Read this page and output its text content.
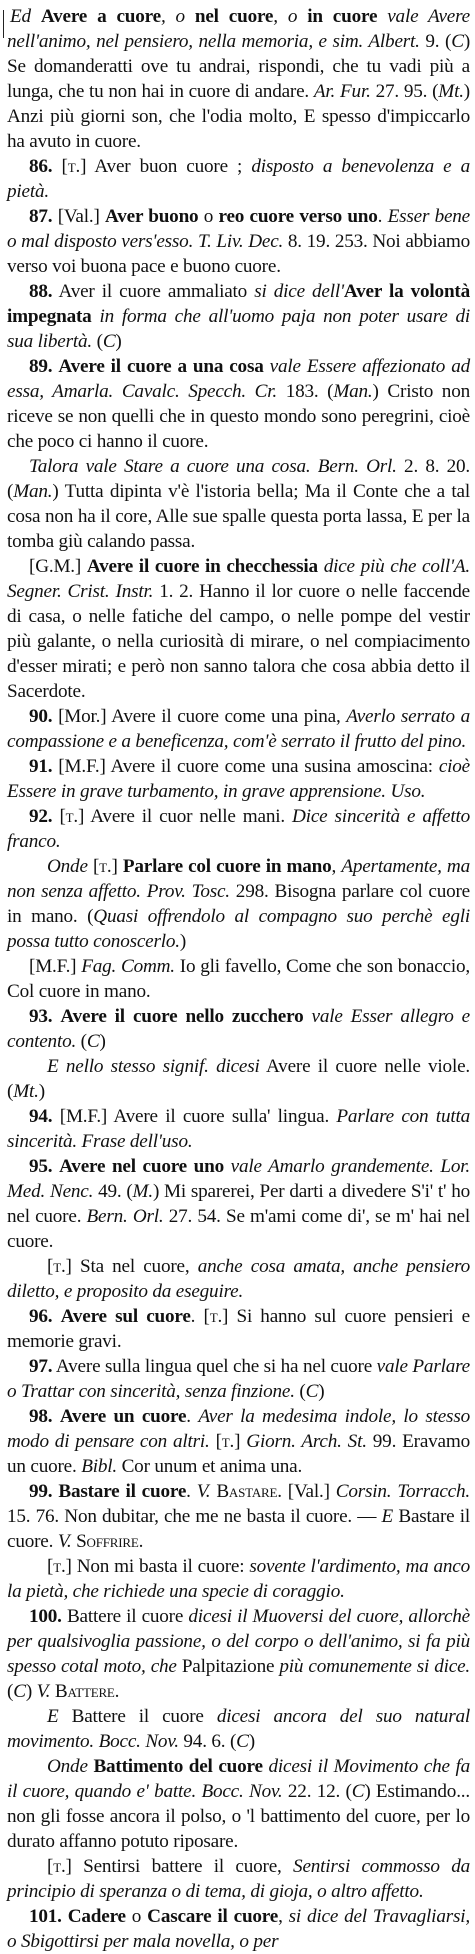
Ed Avere a cuore, o nel cuore, o in cuore vale Avere nell'animo, nel pensiero, nella memoria, e sim. Albert. 9. (C) Se domanderatti ove tu andrai, rispondi, che tu vadi più a lunga, che tu non hai in cuore di andare. Ar. Fur. 27. 95. (Mt.) Anzi più giorni son, che l'odia molto, E spesso d'impiccarlo ha avuto in cuore.

86. [t.] Aver buon cuore ; disposto a benevolenza e a pietà.

87. [Val.] Aver buono o reo cuore verso uno. Esser bene o mal disposto vers'esso. T. Liv. Dec. 8. 19. 253. Noi abbiamo verso voi buona pace e buono cuore.

88. Aver il cuore ammaliato si dice dell'Aver la volontà impegnata in forma che all'uomo paja non poter usare di sua libertà. (C)

89. Avere il cuore a una cosa vale Essere affezionato ad essa, Amarla. Cavalc. Specch. Cr. 183. (Man.) Cristo non riceve se non quelli che in questo mondo sono peregrini, cioè che poco ci hanno il cuore.

Talora vale Stare a cuore una cosa. Bern. Orl. 2. 8. 20. (Man.) Tutta dipinta v'è l'istoria bella; Ma il Conte che a tal cosa non ha il core, Alle sue spalle questa porta lassa, E per la tomba giù calando passa.

[G.M.] Avere il cuore in checchessia dice più che coll'A. Segner. Crist. Instr. 1. 2. Hanno il lor cuore o nelle faccende di casa, o nelle fatiche del campo, o nelle pompe del vestir più galante, o nella curiosità di mirare, o nel compiacimento d'esser mirati; e però non sanno talora che cosa abbia detto il Sacerdote.

90. [Mor.] Avere il cuore come una pina, Averlo serrato a compassione e a beneficenza, com'è serrato il frutto del pino.

91. [M.F.] Avere il cuore come una susina amoscina: cioè Essere in grave turbamento, in grave apprensione. Uso.

92. [t.] Avere il cuor nelle mani. Dice sincerità e affetto franco.

Onde [t.] Parlare col cuore in mano, Apertamente, ma non senza affetto. Prov. Tosc. 298. Bisogna parlare col cuore in mano. (Quasi offrendolo al compagno suo perchè egli possa tutto conoscerlo.)

[M.F.] Fag. Comm. Io gli favello, Come che son bonaccio, Col cuore in mano.

93. Avere il cuore nello zucchero vale Esser allegro e contento. (C)

E nello stesso signif. dicesi Avere il cuore nelle viole. (Mt.)

94. [M.F.] Avere il cuore sulla' lingua. Parlare con tutta sincerità. Frase dell'uso.

95. Avere nel cuore uno vale Amarlo grandemente. Lor. Med. Nenc. 49. (M.) Mi sparerei, Per darti a divedere S'i' t' ho nel cuore. Bern. Orl. 27. 54. Se m'ami come di', se m' hai nel cuore.

[t.] Sta nel cuore, anche cosa amata, anche pensiero diletto, e proposito da eseguire.

96. Avere sul cuore. [t.] Si hanno sul cuore pensieri e memorie gravi.

97. Avere sulla lingua quel che si ha nel cuore vale Parlare o Trattar con sincerità, senza finzione. (C)

98. Avere un cuore. Aver la medesima indole, lo stesso modo di pensare con altri. [t.] Giorn. Arch. St. 99. Eravamo un cuore. Bibl. Cor unum et anima una.

99. Bastare il cuore. V. Bastare. [Val.] Corsin. Torracch. 15. 76. Non dubitar, che me ne basta il cuore. — E Bastare il cuore. V. Soffrire.

[t.] Non mi basta il cuore: sovente l'ardimento, ma anco la pietà, che richiede una specie di coraggio.

100. Battere il cuore dicesi il Muoversi del cuore, allorchè per qualsivoglia passione, o del corpo o dell'animo, si fa più spesso cotal moto, che Palpitazione più comunemente si dice. (C) V. Battere.

E Battere il cuore dicesi ancora del suo natural movimento. Bocc. Nov. 94. 6. (C)

Onde Battimento del cuore dicesi il Movimento che fa il cuore, quando e' batte. Bocc. Nov. 22. 12. (C) Estimando... non gli fosse ancora il polso, o 'l battimento del cuore, per lo durato affanno potuto riposare.

[t.] Sentirsi battere il cuore, Sentirsi commosso da principio di speranza o di tema, di gioja, o altro affetto.

101. Cadere o Cascare il cuore, si dice del Travagliarsi, o Sbigottirsi per mala novella, o per
